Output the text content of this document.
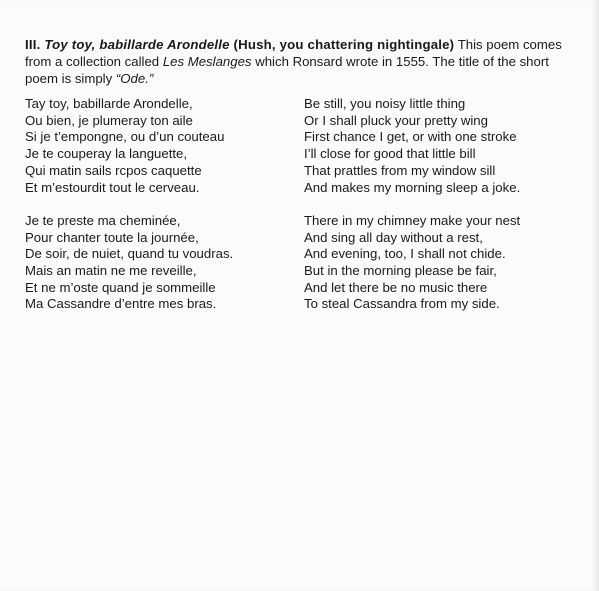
III. Toy toy, babillarde Arondelle (Hush, you chattering nightingale) This poem comes from a collection called Les Meslanges which Ronsard wrote in 1555. The title of the short poem is simply “Ode.”

Tay toy, babillarde Arondelle,
Ou bien, je plumeray ton aile
Si je t’empongne, ou d’un couteau
Je te couperay la languette,
Qui matin sails rcpos caquette
Et m’estourdit tout le cerveau.

Je te preste ma cheminée,
Pour chanter toute la journée,
De soir, de nuiet, quand tu voudras.
Mais an matin ne me reveille,
Et ne m’oste quand je sommeille
Ma Cassandre d’entre mes bras.

Be still, you noisy little thing
Or I shall pluck your pretty wing
First chance I get, or with one stroke
I’ll close for good that little bill
That prattles from my window sill
And makes my morning sleep a joke.

There in my chimney make your nest
And sing all day without a rest,
And evening, too, I shall not chide.
But in the morning please be fair,
And let there be no music there
To steal Cassandra from my side.
